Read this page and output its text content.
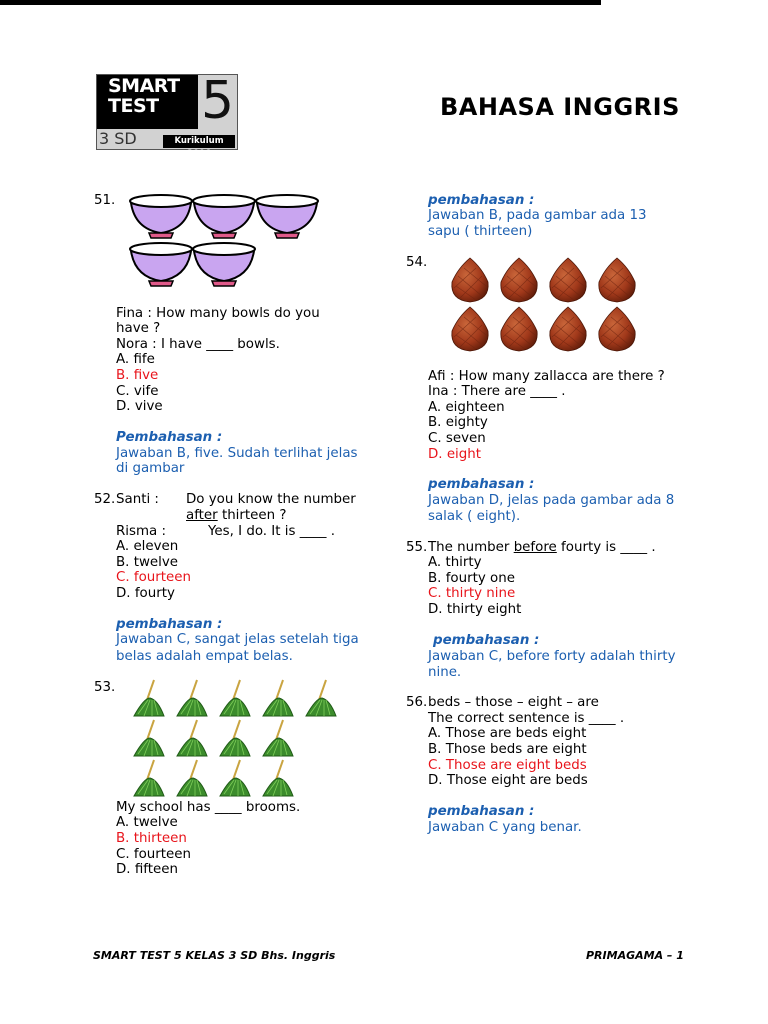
SMART
TEST 5
3 SD	Kurikulum 2006
BAHASA INGGRIS
51.
Fina : How many bowls do you
have ?
Nora : I have ____ bowls.
A. fife
B. five
C. vife
D. vive
Pembahasan :
Jawaban B, five. Sudah terlihat jelas
di gambar
52. Santi : Do you know the number
after thirteen ?
Risma :	Yes, I do. It is ____ .
A. eleven
B. twelve
C. fourteen
D. fourty
pembahasan :
Jawaban C, sangat jelas setelah tiga
belas adalah empat belas.
53.
My school has ____ brooms.
A. twelve
B. thirteen
C. fourteen
D. fifteen
pembahasan :
Jawaban B, pada gambar ada 13
sapu ( thirteen)
54.
Afi : How many zallacca are there ?
Ina : There are ____ .
A. eighteen
B. eighty
C. seven
D. eight
pembahasan :
Jawaban D, jelas pada gambar ada 8
salak ( eight).
55. The number before fourty is ____ .
A. thirty
B. fourty one
C. thirty nine
D. thirty eight
pembahasan :
Jawaban C, before forty adalah thirty
nine.
56. beds – those – eight – are
The correct sentence is ____ .
A. Those are beds eight
B. Those beds are eight
C. Those are eight beds
D. Those eight are beds
pembahasan :
Jawaban C yang benar.
SMART TEST 5 KELAS 3 SD Bhs. Inggris	PRIMAGAMA – 1
